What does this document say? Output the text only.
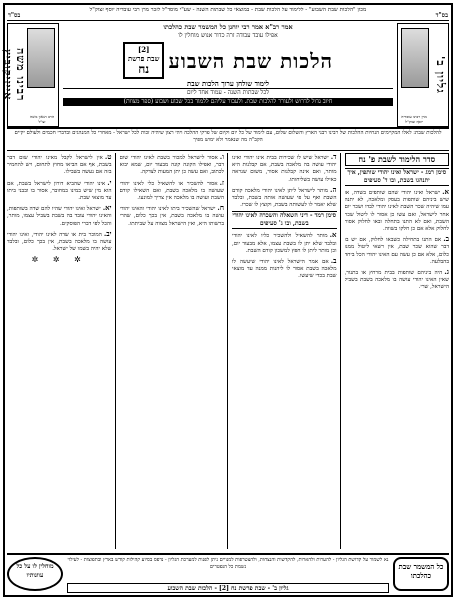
מכון "הלכות שבת השבוע" - ללימוד על הלכות שבת - במוצאי כל שבתות השנה - שע"י מוסד"ל לזכר מרן רבי עובדיה יוסף זצוק"ל
בס"ד
גליון ב'
מרן רבינו עובדיה יוסף זצוק"ל
אמר רב"א אמר רבי יוחנן כל המשמר שבת כהלכתו
אפילו עובד עבודה זרה כדור אנוש מוחלין לו
הלכות שבת השבוע
[2]
שבת פרשת
נח
לימוד שולחן ערוך הלכות שבת
לכל שבתות השנה - עמוד אחד ליום
חיוב גדול לדרוש ולעורר להלכות שבת. ולעבור עליהם ללמוד בכל שבוע ושבוע (ספר מצוות)
בס"ד
רבינו משה אייזיקוביץ
הרב הגאון משה זצ"ל
להלכות שבת: לאלו המקיימים הנחיות ההלכות של רבינו רבני הארץ והשלום שלום, עם לימוד של כל יום וקיום של פרקי ההלכה ויהי רצון שיהיה זכות לכל ישראל - מאחרי כל המנהגים ובדברי חכמים ולעולם יקיים הקב"ה מה שנאמר ולא ימוש מפיך
סדר הלימוד לשבת פ' נח
סימן רמג - ישראל ואינו יהודי שותפין, איך יתנהגו בשבת, ובו ד' סעיפים
א.ישראל ואינו יהודי שהם שותפים בשדה, או שיש ביניהם שותפות בעסק ומלאכה, לא יתנה עמו שיהיה שכר השבת לאינו יהודי לבדו ושכר יום אחר לישראל, ואם עשו כן אסור לו ליטול שכר השבת, ואם לא התנו בתחלה ובאו לחלוק אסור לחלוק אלא אם כן חלקו בשווה.
ב.אם התנו בתחילה כשבאו לחלוק, אם יש בו דבר שהוא שכר שבת, אין רשאי ליטול ממנו כלום, אלא אם כן עשה עם האינו יהודי הכל ביחד בהבלעה.
ג.היה ביניהם שותפות בבית מרחץ או בתנור, שאין האינו יהודי עושה בו מלאכה בשבת בשביל הישראל, שרי.
ד.ישראל שיש לו שכירות בבית אינו יהודי ואינו יהודי עושה בה מלאכה בשבת, אם קבלנות היא מותר, ואם אינה קבלנות אסור, משום שנראה כאילו עושה בשליחותו.
ה.מותר לישראל ליתן לאינו יהודי מלאכה קודם השבת ואף על פי שעושה אותה בשבת, ובלבד שלא יאמר לו לעשותה בשבת, וקוצץ לו שכרו.
סימן רמד - דיני השאלה והשכרה לאינו יהודי בשבת, ובו ג' סעיפים
א.מותר להשאיל ולהשכיר כליו לאינו יהודי ובלבד שלא יתן לו בשבת עצמו, אלא מבעוד יום, וכן מותר ליתן לו חפץ למשכון קודם השבת.
ב.אם אמר הישראל לאינו יהודי שיעשה לו מלאכה בשבת אסור לו ליהנות ממנה עד מוצאי שבת בכדי שיעשו.
ו.אסור לישראל למכור בשבת לאינו יהודי שום דבר, ואפילו הקונה קונה מבעוד יום, שמא יבוא לכתוב, ואם עשה כן יתן המעות לצדקה.
ז.אסור להשכיר או להשאיל כלי לאינו יהודי שעושה בו מלאכה בשבת, ואם השאילו קודם השבת ועושה בו מלאכה אין צריך למונעו.
ח.ישראל שהשכיר ביתו לאינו יהודי והאינו יהודי עושה בו מלאכה בשבת, אין בכך כלום, שהרי ברשותו היא, ואין הישראל מצווה על שביתתו.
ט.אין לישראל לקבל מאינו יהודי שום דבר בשבת, אף אם הביאו מחוץ לתחום, ויש להחמיר בזה אם נעשה בשבילו.
י.אינו יהודי שהביא דורון לישראל בשבת, אם הוא מין שיש במינו במחובר, אסור בו ובבני ביתו עד מוצאי שבת.
יא.ישראל ואינו יהודי שהיו להם שדה בשותפות, והאינו יהודי עובד בה בשבת בשביל עצמו, מותר, והכל לפי דברי הפוסקים.
יב.המוכר בית או שדה לאינו יהודי, ואינו יהודי עושה בו מלאכה בשבת, אין בכך כלום, ובלבד שלא יהיה בשמו של ישראל.
✲ ✲ ✲
כל המשמר שבת כהלכתו
נא לשמור על קדושת הגליון - להערות ולהארות, להקדשות והנצחות, ולהצטרפות למנויים ניתן לפנות למערכת הגליון - נדפס בסיוע קהילות קודש בארץ ובתפוצות - לעילוי נשמת כל הנפטרים
גליון ב' - שבת פרשת נח [2] - הלכות שבת השבוע
מוחלין לו על כל עוונותיו
